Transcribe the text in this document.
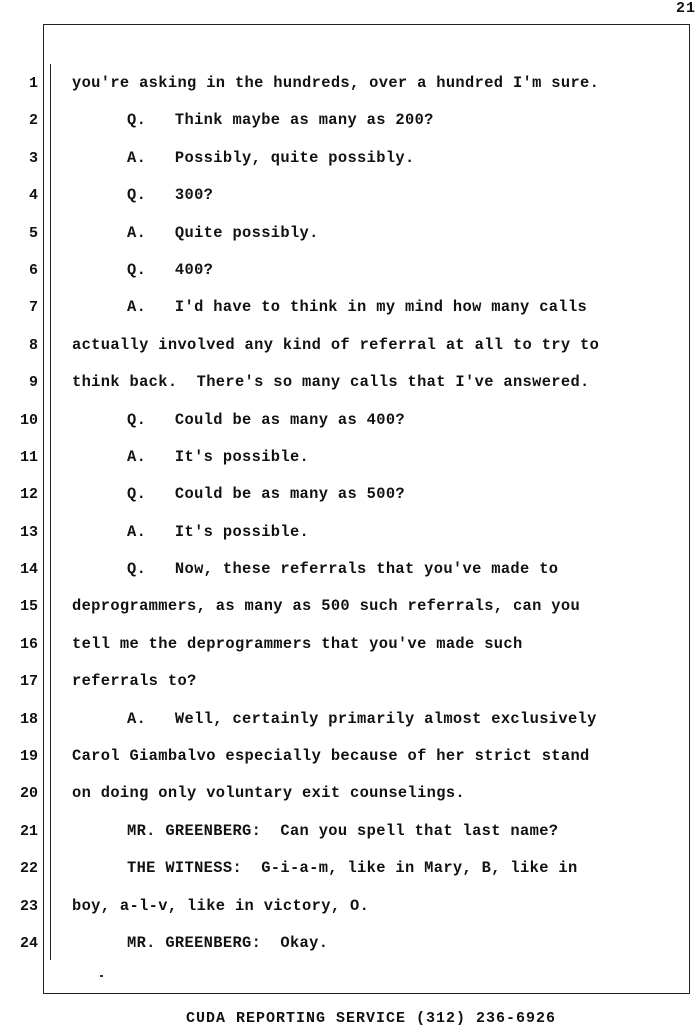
21
1 you're asking in the hundreds, over a hundred I'm sure.
2	Q.   Think maybe as many as 200?
3	A.   Possibly, quite possibly.
4	Q.   300?
5	A.   Quite possibly.
6	Q.   400?
7	A.   I'd have to think in my mind how many calls
8 actually involved any kind of referral at all to try to
9 think back.  There's so many calls that I've answered.
10	Q.   Could be as many as 400?
11	A.   It's possible.
12	Q.   Could be as many as 500?
13	A.   It's possible.
14	Q.   Now, these referrals that you've made to
15 deprogrammers, as many as 500 such referrals, can you
16 tell me the deprogrammers that you've made such
17 referrals to?
18	A.   Well, certainly primarily almost exclusively
19 Carol Giambalvo especially because of her strict stand
20 on doing only voluntary exit counselings.
21	MR. GREENBERG:  Can you spell that last name?
22	THE WITNESS:  G-i-a-m, like in Mary, B, like in
23 boy, a-l-v, like in victory, O.
24	MR. GREENBERG:  Okay.
CUDA REPORTING SERVICE (312) 236-6926
